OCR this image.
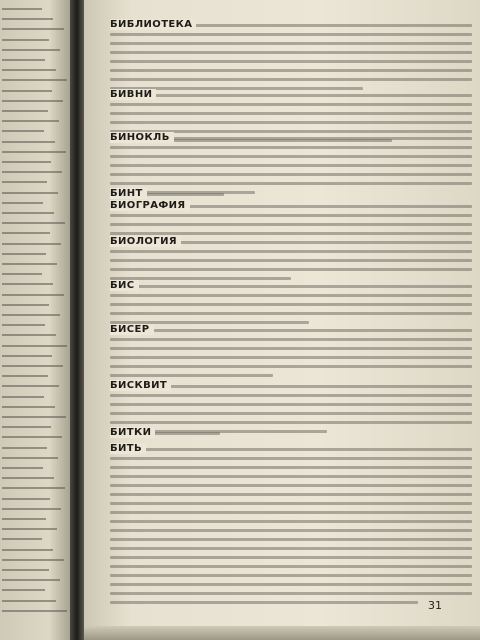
БИБЛИОТЕКА
БИВНИ
БИНОКЛЬ
БИНТ
БИОГРАФИЯ
БИОЛОГИЯ
БИС
БИСЕР
БИСКВИТ
БИТКИ
БИТЬ
31
